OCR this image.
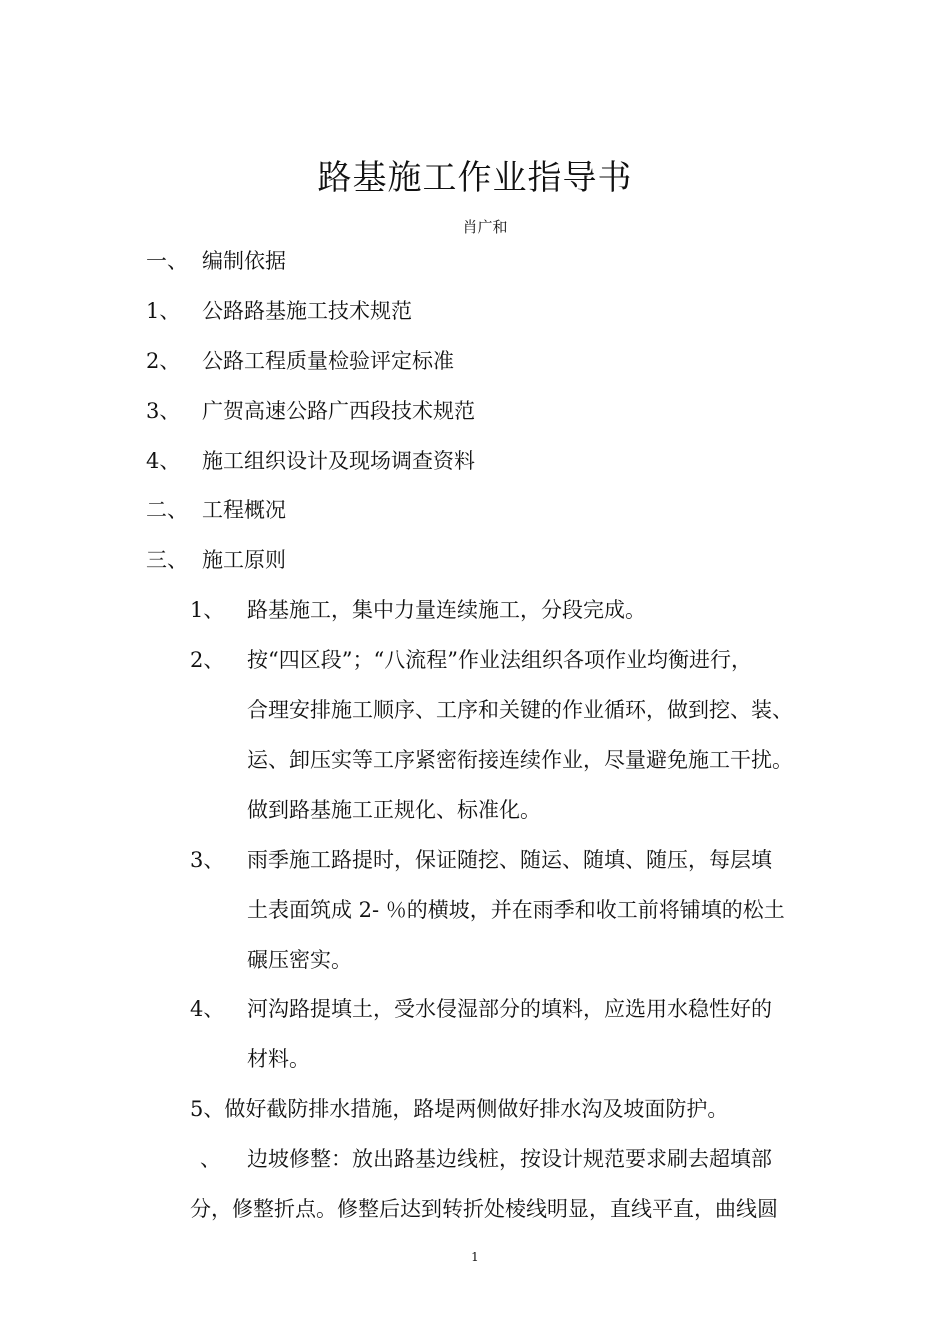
路基施工作业指导书
肖广和
一、 编制依据
1、 公路路基施工技术规范
2、 公路工程质量检验评定标准
3、 广贺高速公路广西段技术规范
4、 施工组织设计及现场调查资料
二、 工程概况
三、 施工原则
1、 路基施工，集中力量连续施工，分段完成。
2、 按“四区段”；“八流程”作业法组织各项作业均衡进行，
合理安排施工顺序、工序和关键的作业循环，做到挖、装、
运、卸压实等工序紧密衔接连续作业，尽量避免施工干扰。
做到路基施工正规化、标准化。
3、 雨季施工路提时，保证随挖、随运、随填、随压，每层填
土表面筑成 2- ％的横坡，并在雨季和收工前将铺填的松土
碾压密实。
4、 河沟路提填土，受水侵湿部分的填料，应选用水稳性好的
材料。
5、做好截防排水措施，路堤两侧做好排水沟及坡面防护。
、 边坡修整：放出路基边线桩，按设计规范要求刷去超填部
分，修整折点。修整后达到转折处棱线明显，直线平直，曲线圆
1
